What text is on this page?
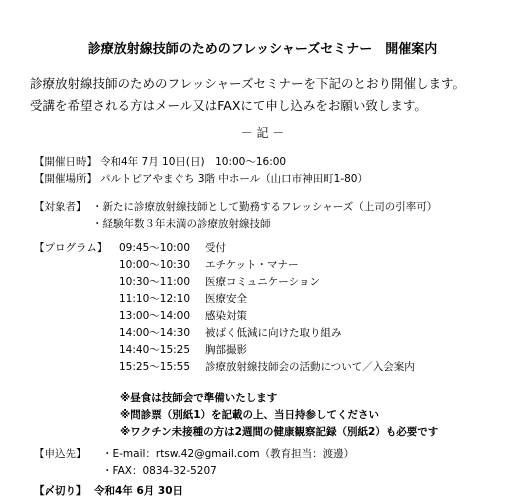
診療放射線技師のためのフレッシャーズセミナー　開催案内
診療放射線技師のためのフレッシャーズセミナーを下記のとおり開催します。
受講を希望される方はメール又はFAXにて申し込みをお願い致します。
－ 記 －
【開催日時】 令和4年 7月 10日(日)　10:00～16:00
【開催場所】 パルトピアやまぐち 3階 中ホール（山口市神田町1-80）
【対象者】 ・新たに診療放射線技師として勤務するフレッシャーズ（上司の引率可）
・経験年数３年未満の診療放射線技師
【プログラム】 09:45～10:00 受付
10:00～10:30 エチケット・マナー
10:30～11:00 医療コミュニケーション
11:10～12:10 医療安全
13:00～14:00 感染対策
14:00～14:30 被ばく低減に向けた取り組み
14:40～15:25 胸部撮影
15:25～15:55 診療放射線技師会の活動について／入会案内
※昼食は技師会で準備いたします
※問診票（別紙1）を記載の上、当日持参してください
※ワクチン未接種の方は2週間の健康観察記録（別紙2）も必要です
【申込先】 ・E-mail：rtsw.42@gmail.com（教育担当：渡邊）
・FAX：0834-32-5207
【〆切り】 令和4年 6月 30日
